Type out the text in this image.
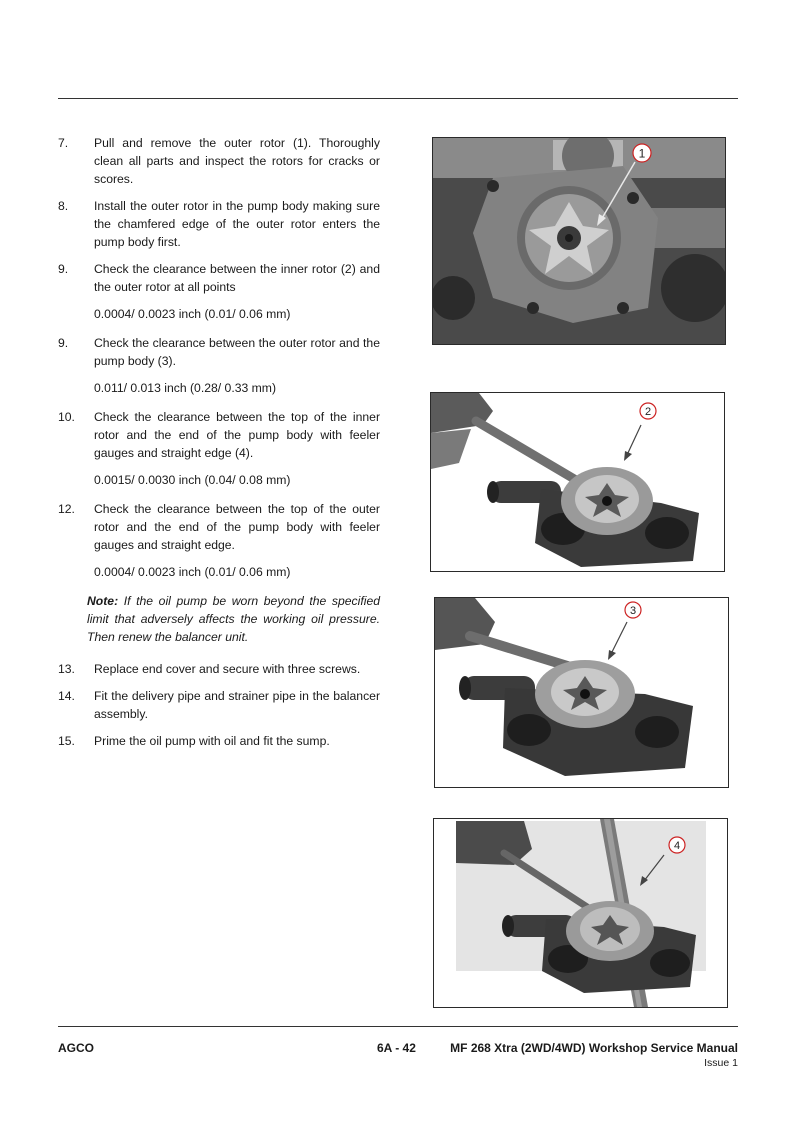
7. Pull and remove the outer rotor (1). Thoroughly clean all parts and inspect the rotors for cracks or scores.
8. Install the outer rotor in the pump body making sure the chamfered edge of the outer rotor enters the pump body first.
9. Check the clearance between the inner rotor (2) and the outer rotor at all points
0.0004/ 0.0023 inch (0.01/ 0.06 mm)
9. Check the clearance between the outer rotor and the pump body (3).
0.011/ 0.013 inch (0.28/ 0.33 mm)
10. Check the clearance between the top of the inner rotor and the end of the pump body with feeler gauges and straight edge (4).
0.0015/ 0.0030 inch (0.04/ 0.08 mm)
12. Check the clearance between the top of the outer rotor and the end of the pump body with feeler gauges and straight edge.
0.0004/ 0.0023 inch (0.01/ 0.06 mm)
Note: If the oil pump be worn beyond the specified limit that adversely affects the working oil pressure. Then renew the balancer unit.
13. Replace end cover and secure with three screws.
14. Fit the delivery pipe and strainer pipe in the balancer assembly.
15. Prime the oil pump with oil and fit the sump.
1
2
3
4
AGCO	6A - 42	MF 268 Xtra (2WD/4WD) Workshop Service Manual
Issue 1
